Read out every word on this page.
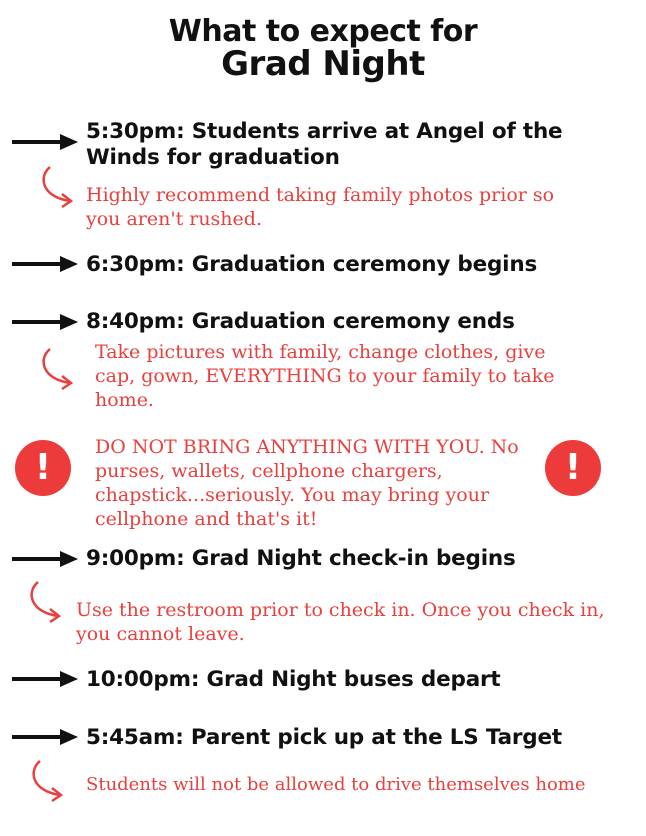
What to expect for
Grad Night
5:30pm: Students arrive at Angel of the Winds for graduation
Highly recommend taking family photos prior so you aren't rushed.
6:30pm: Graduation ceremony begins
8:40pm: Graduation ceremony ends
Take pictures with family, change clothes, give cap, gown, EVERYTHING to your family to take home.
!	DO NOT BRING ANYTHING WITH YOU. No purses, wallets, cellphone chargers, chapstick...seriously. You may bring your cellphone and that's it!
!
9:00pm: Grad Night check-in begins
Use the restroom prior to check in. Once you check in, you cannot leave.
10:00pm: Grad Night buses depart
5:45am: Parent pick up at the LS Target
Students will not be allowed to drive themselves home
